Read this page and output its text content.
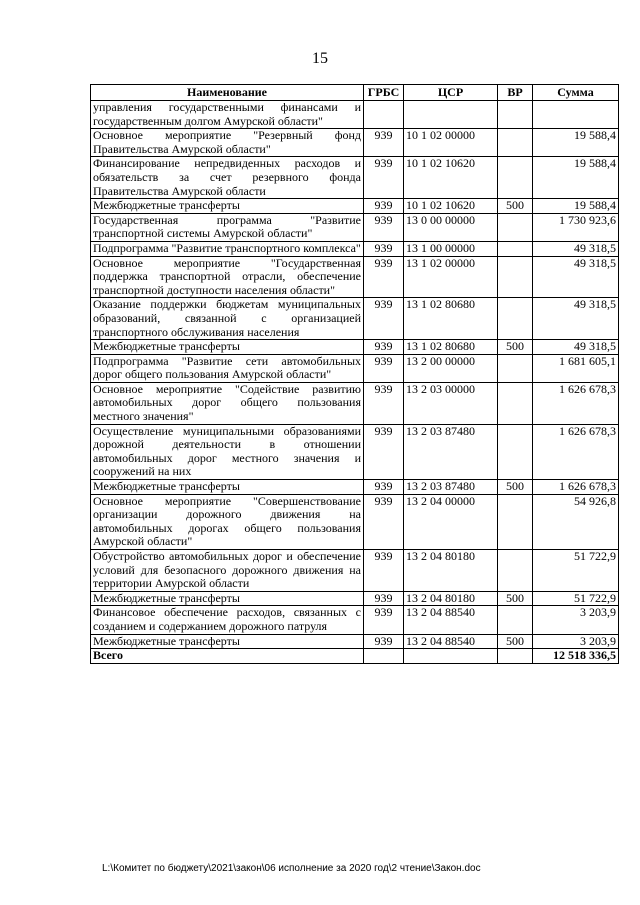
15
Наименование	ГРБС	ЦСР	ВР	Сумма
управления государственными финансами и государственным долгом Амурской области"				
Основное мероприятие "Резервный фонд Правительства Амурской области"	939	10 1 02 00000		19 588,4
Финансирование непредвиденных расходов и обязательств за счет резервного фонда Правительства Амурской области	939	10 1 02 10620		19 588,4
Межбюджетные трансферты	939	10 1 02 10620	500	19 588,4
Государственная программа "Развитие транспортной системы Амурской области"	939	13 0 00 00000		1 730 923,6
Подпрограмма "Развитие транспортного комплекса"	939	13 1 00 00000		49 318,5
Основное мероприятие "Государственная поддержка транспортной отрасли, обеспечение транспортной доступности населения области"	939	13 1 02 00000		49 318,5
Оказание поддержки бюджетам муниципальных образований, связанной с организацией транспортного обслуживания населения	939	13 1 02 80680		49 318,5
Межбюджетные трансферты	939	13 1 02 80680	500	49 318,5
Подпрограмма "Развитие сети автомобильных дорог общего пользования Амурской области"	939	13 2 00 00000		1 681 605,1
Основное мероприятие "Содействие развитию автомобильных дорог общего пользования местного значения"	939	13 2 03 00000		1 626 678,3
Осуществление муниципальными образованиями дорожной деятельности в отношении автомобильных дорог местного значения и сооружений на них	939	13 2 03 87480		1 626 678,3
Межбюджетные трансферты	939	13 2 03 87480	500	1 626 678,3
Основное мероприятие "Совершенствование организации дорожного движения на автомобильных дорогах общего пользования Амурской области"	939	13 2 04 00000		54 926,8
Обустройство автомобильных дорог и обеспечение условий для безопасного дорожного движения на территории Амурской области	939	13 2 04 80180		51 722,9
Межбюджетные трансферты	939	13 2 04 80180	500	51 722,9
Финансовое обеспечение расходов, связанных с созданием и содержанием дорожного патруля	939	13 2 04 88540		3 203,9
Межбюджетные трансферты	939	13 2 04 88540	500	3 203,9
Всего				12 518 336,5
L:\Комитет по бюджету\2021\закон\06 исполнение за 2020 год\2 чтение\Закон.doc
